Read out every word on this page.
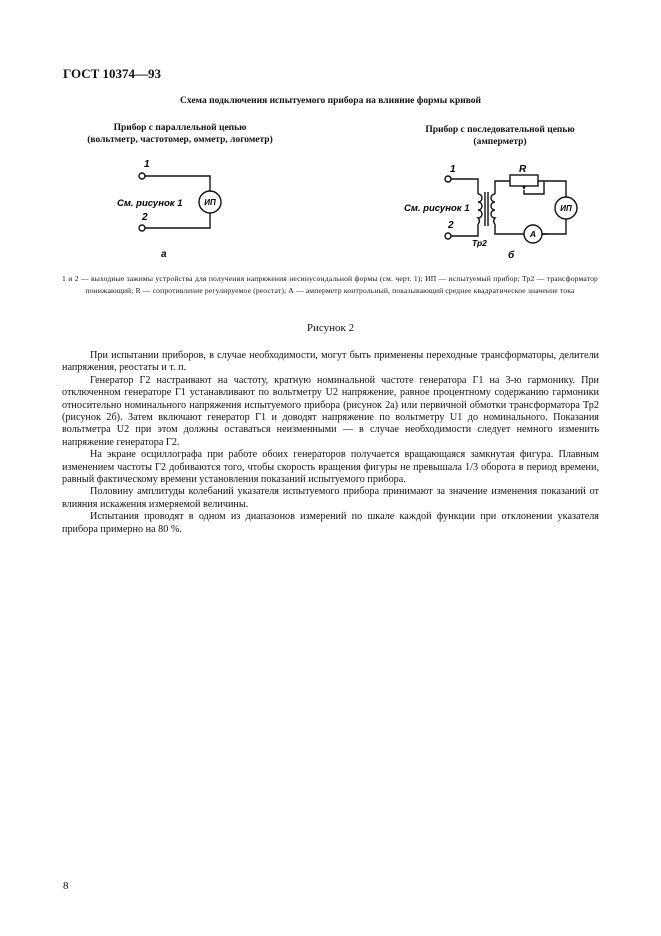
ГОСТ 10374—93
Схема подключения испытуемого прибора на влияние формы кривой
Прибор с параллельной цепью
(вольтметр, частотомер, омметр, логометр)
Прибор с последовательной цепью
(амперметр)
1
2
См. рисунок 1	ИП
а
1
2
См. рисунок 1
R
Тр2
A
ИП
б
1 и 2 — выходные зажимы устройства для получения напряжения несинусоидальной формы (см. черт. 1); ИП — испытуемый прибор; Тр2 — трансформатор понижающий; R — сопротивление регулируемое (реостат); А — амперметр контрольный, показывающий среднее квадратическое значение тока
Рисунок 2

При испытании приборов, в случае необходимости, могут быть применены переходные трансформаторы, делители напряжения, реостаты и т. п.

Генератор Г2 настраивают на частоту, кратную номинальной частоте генератора Г1 на 3-ю гармонику. При отключенном генераторе Г1 устанавливают по вольтметру U2 напряжение, равное процентному содержанию гармоники относительно номинального напряжения испытуемого прибора (рисунок 2а) или первичной обмотки трансформатора Тр2 (рисунок 2б). Затем включают генератор Г1 и доводят напряжение по вольтметру U1 до номинального. Показания вольтметра U2 при этом должны оставаться неизменными — в случае необходимости следует немного изменить напряжение генератора Г2.

На экране осциллографа при работе обоих генераторов получается вращающаяся замкнутая фигура. Плавным изменением частоты Г2 добиваются того, чтобы скорость вращения фигуры не превышала 1/3 оборота в период времени, равный фактическому времени установления показаний испытуемого прибора.

Половину амплитуды колебаний указателя испытуемого прибора принимают за значение изменения показаний от влияния искажения измеряемой величины.

Испытания проводят в одном из диапазонов измерений по шкале каждой функции при отклонении указателя прибора примерно на 80 %.

8
